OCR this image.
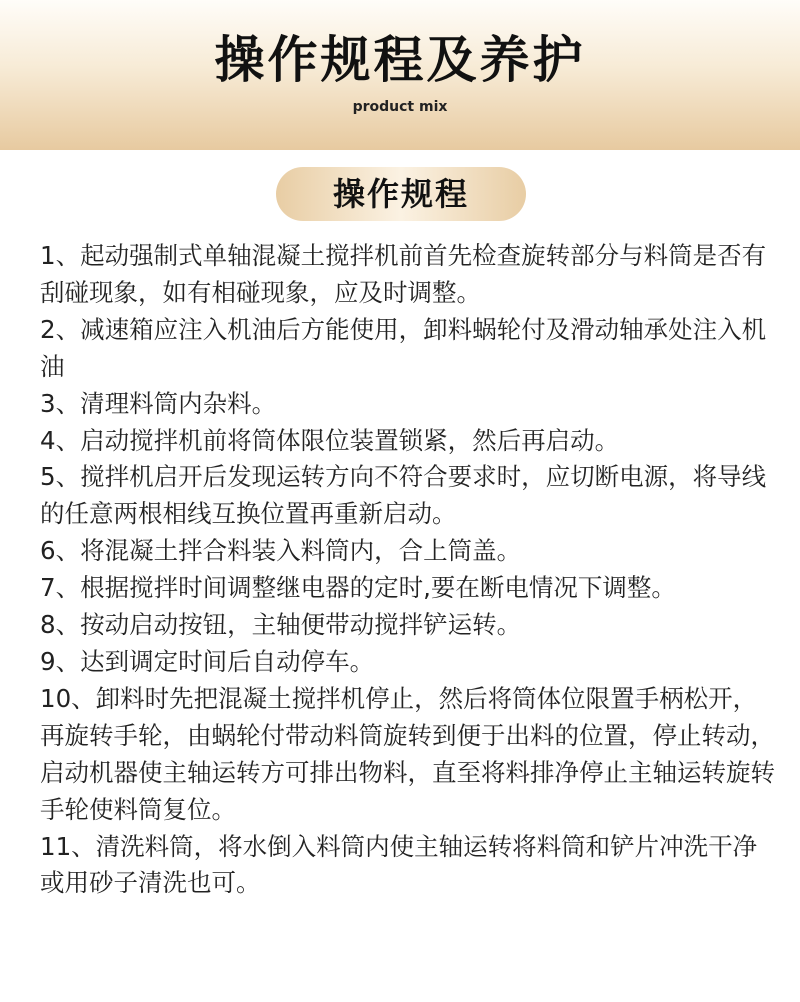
操作规程及养护
product mix
操作规程

1、起动强制式单轴混凝土搅拌机前首先检查旋转部分与料筒是否有刮碰现象，如有相碰现象，应及时调整。

2、减速箱应注入机油后方能使用，卸料蜗轮付及滑动轴承处注入机油

3、清理料筒内杂料。

4、启动搅拌机前将筒体限位装置锁紧，然后再启动。

5、搅拌机启开后发现运转方向不符合要求时，应切断电源，将导线的任意两根相线互换位置再重新启动。

6、将混凝土拌合料装入料筒内，合上筒盖。

7、根据搅拌时间调整继电器的定时,要在断电情况下调整。

8、按动启动按钮，主轴便带动搅拌铲运转。

9、达到调定时间后自动停车。

10、卸料时先把混凝土搅拌机停止，然后将筒体位限置手柄松开，再旋转手轮，由蜗轮付带动料筒旋转到便于出料的位置，停止转动，启动机器使主轴运转方可排出物料，直至将料排净停止主轴运转旋转手轮使料筒复位。

11、清洗料筒，将水倒入料筒内使主轴运转将料筒和铲片冲洗干净或用砂子清洗也可。
